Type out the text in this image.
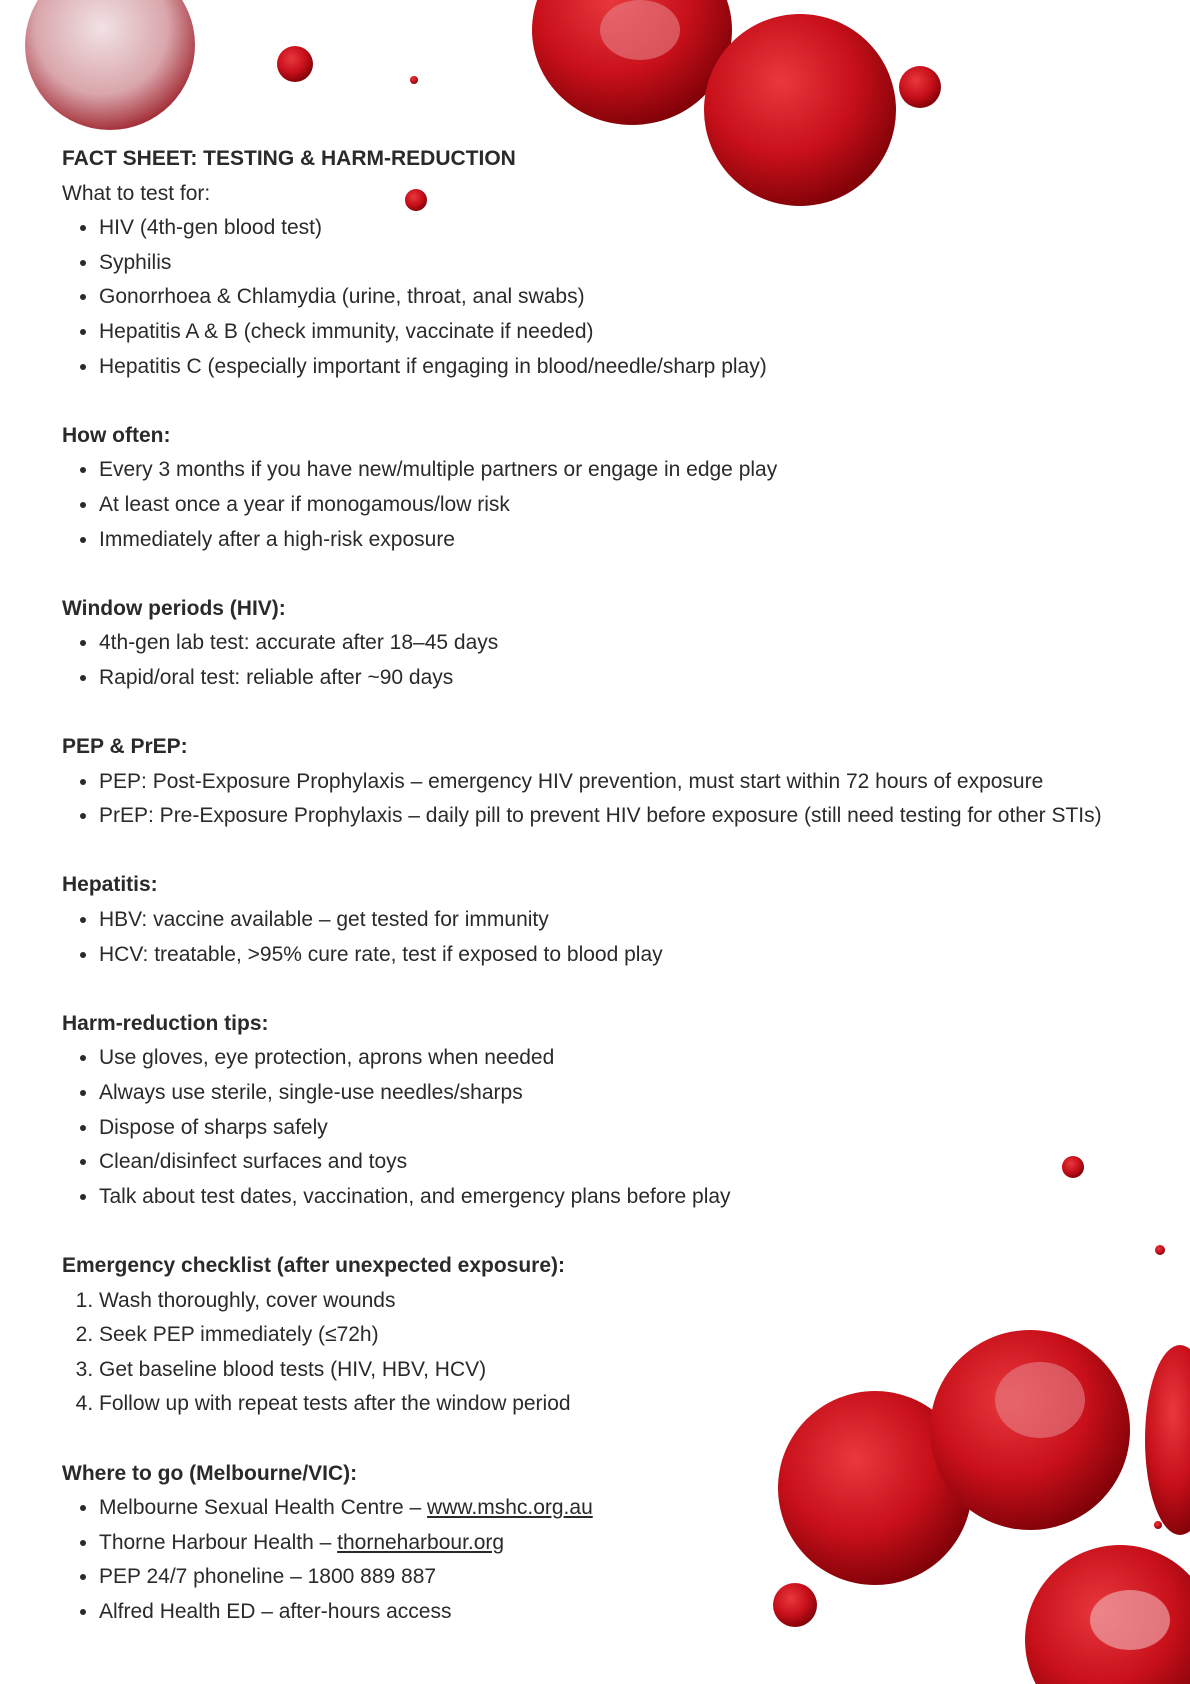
FACT SHEET: TESTING & HARM-REDUCTION

What to test for:

• HIV (4th-gen blood test)
• Syphilis
• Gonorrhoea & Chlamydia (urine, throat, anal swabs)
• Hepatitis A & B (check immunity, vaccinate if needed)
• Hepatitis C (especially important if engaging in blood/needle/sharp play)

How often:

• Every 3 months if you have new/multiple partners or engage in edge play
• At least once a year if monogamous/low risk
• Immediately after a high-risk exposure

Window periods (HIV):

• 4th-gen lab test: accurate after 18–45 days
• Rapid/oral test: reliable after ~90 days

PEP & PrEP:

• PEP: Post-Exposure Prophylaxis – emergency HIV prevention, must start within 72 hours of exposure
• PrEP: Pre-Exposure Prophylaxis – daily pill to prevent HIV before exposure (still need testing for other STIs)

Hepatitis:

• HBV: vaccine available – get tested for immunity
• HCV: treatable, >95% cure rate, test if exposed to blood play

Harm-reduction tips:

• Use gloves, eye protection, aprons when needed
• Always use sterile, single-use needles/sharps
• Dispose of sharps safely
• Clean/disinfect surfaces and toys
• Talk about test dates, vaccination, and emergency plans before play

Emergency checklist (after unexpected exposure):

1. Wash thoroughly, cover wounds
2. Seek PEP immediately (≤72h)
3. Get baseline blood tests (HIV, HBV, HCV)
4. Follow up with repeat tests after the window period

Where to go (Melbourne/VIC):

• Melbourne Sexual Health Centre – www.mshc.org.au
• Thorne Harbour Health – thorneharbour.org
• PEP 24/7 phoneline – 1800 889 887
• Alfred Health ED – after-hours access
